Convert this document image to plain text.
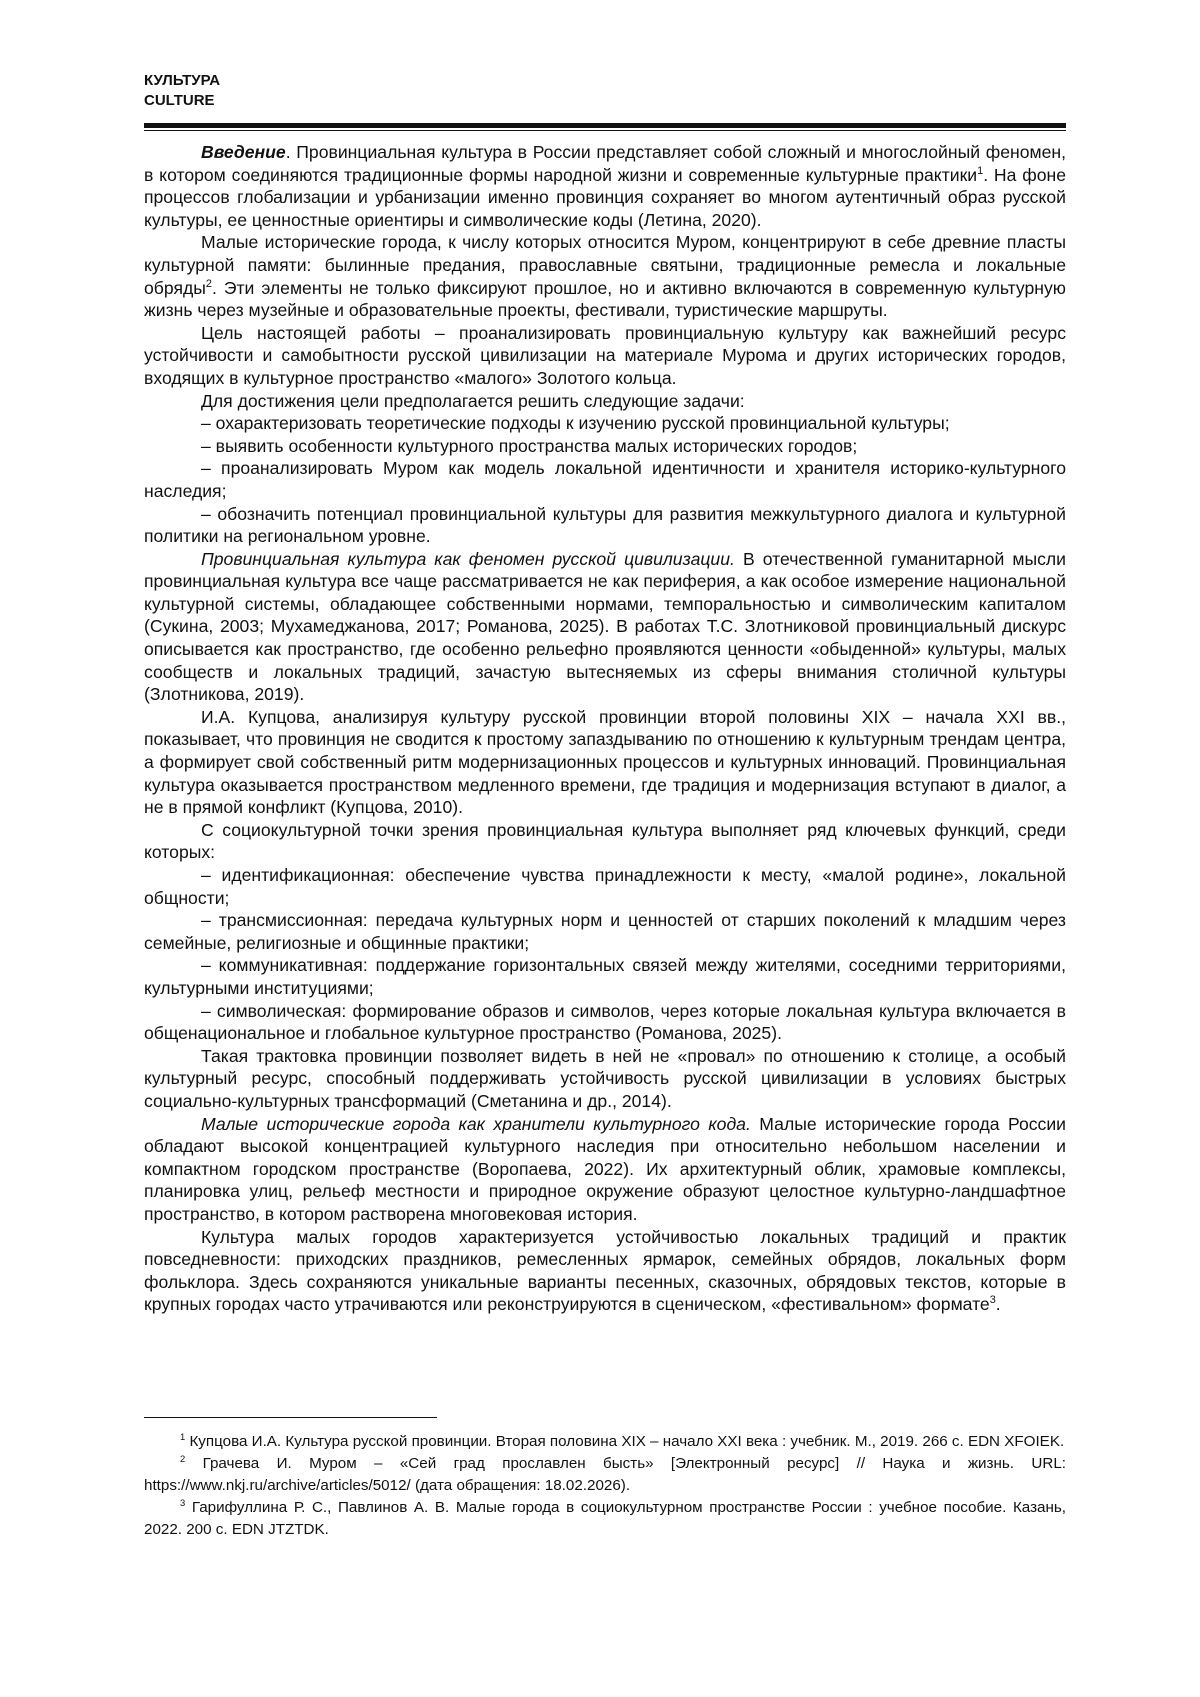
КУЛЬТУРА
CULTURE

Введение. Провинциальная культура в России представляет собой сложный и многослойный феномен, в котором соединяются традиционные формы народной жизни и современные культурные практики$^1$. На фоне процессов глобализации и урбанизации именно провинция сохраняет во многом аутентичный образ русской культуры, ее ценностные ориентиры и символические коды (Летина, 2020).

Малые исторические города, к числу которых относится Муром, концентрируют в себе древние пласты культурной памяти: былинные предания, православные святыни, традиционные ремесла и локальные обряды$^2$. Эти элементы не только фиксируют прошлое, но и активно включаются в современную культурную жизнь через музейные и образовательные проекты, фестивали, туристические маршруты.

Цель настоящей работы – проанализировать провинциальную культуру как важнейший ресурс устойчивости и самобытности русской цивилизации на материале Мурома и других исторических городов, входящих в культурное пространство «малого» Золотого кольца.

Для достижения цели предполагается решить следующие задачи:

– охарактеризовать теоретические подходы к изучению русской провинциальной культуры;

– выявить особенности культурного пространства малых исторических городов;

– проанализировать Муром как модель локальной идентичности и хранителя историко-культурного наследия;

– обозначить потенциал провинциальной культуры для развития межкультурного диалога и культурной политики на региональном уровне.

Провинциальная культура как феномен русской цивилизации. В отечественной гуманитарной мысли провинциальная культура все чаще рассматривается не как периферия, а как особое измерение национальной культурной системы, обладающее собственными нормами, темпоральностью и символическим капиталом (Сукина, 2003; Мухамеджанова, 2017; Романова, 2025). В работах Т.С. Злотниковой провинциальный дискурс описывается как пространство, где особенно рельефно проявляются ценности «обыденной» культуры, малых сообществ и локальных традиций, зачастую вытесняемых из сферы внимания столичной культуры (Злотникова, 2019).

И.А. Купцова, анализируя культуру русской провинции второй половины XIX – начала XXI вв., показывает, что провинция не сводится к простому запаздыванию по отношению к культурным трендам центра, а формирует свой собственный ритм модернизационных процессов и культурных инноваций. Провинциальная культура оказывается пространством медленного времени, где традиция и модернизация вступают в диалог, а не в прямой конфликт (Купцова, 2010).

С социокультурной точки зрения провинциальная культура выполняет ряд ключевых функций, среди которых:

– идентификационная: обеспечение чувства принадлежности к месту, «малой родине», локальной общности;

– трансмиссионная: передача культурных норм и ценностей от старших поколений к младшим через семейные, религиозные и общинные практики;

– коммуникативная: поддержание горизонтальных связей между жителями, соседними территориями, культурными институциями;

– символическая: формирование образов и символов, через которые локальная культура включается в общенациональное и глобальное культурное пространство (Романова, 2025).

Такая трактовка провинции позволяет видеть в ней не «провал» по отношению к столице, а особый культурный ресурс, способный поддерживать устойчивость русской цивилизации в условиях быстрых социально-культурных трансформаций (Сметанина и др., 2014).

Малые исторические города как хранители культурного кода. Малые исторические города России обладают высокой концентрацией культурного наследия при относительно небольшом населении и компактном городском пространстве (Воропаева, 2022). Их архитектурный облик, храмовые комплексы, планировка улиц, рельеф местности и природное окружение образуют целостное культурно-ландшафтное пространство, в котором растворена многовековая история.

Культура малых городов характеризуется устойчивостью локальных традиций и практик повседневности: приходских праздников, ремесленных ярмарок, семейных обрядов, локальных форм фольклора. Здесь сохраняются уникальные варианты песенных, сказочных, обрядовых текстов, которые в крупных городах часто утрачиваются или реконструируются в сценическом, «фестивальном» формате$^3$.

$^1$ Купцова И.А. Культура русской провинции. Вторая половина XIX – начало XXI века : учебник. М., 2019. 266 с. EDN XFOIEK.

$^2$ Грачева И. Муром – «Сей град прославлен бысть» [Электронный ресурс] // Наука и жизнь. URL: https://www.nkj.ru/archive/articles/5012/ (дата обращения: 18.02.2026).

$^3$ Гарифуллина Р. С., Павлинов А. В. Малые города в социокультурном пространстве России : учебное пособие. Казань, 2022. 200 с. EDN JTZTDK.
